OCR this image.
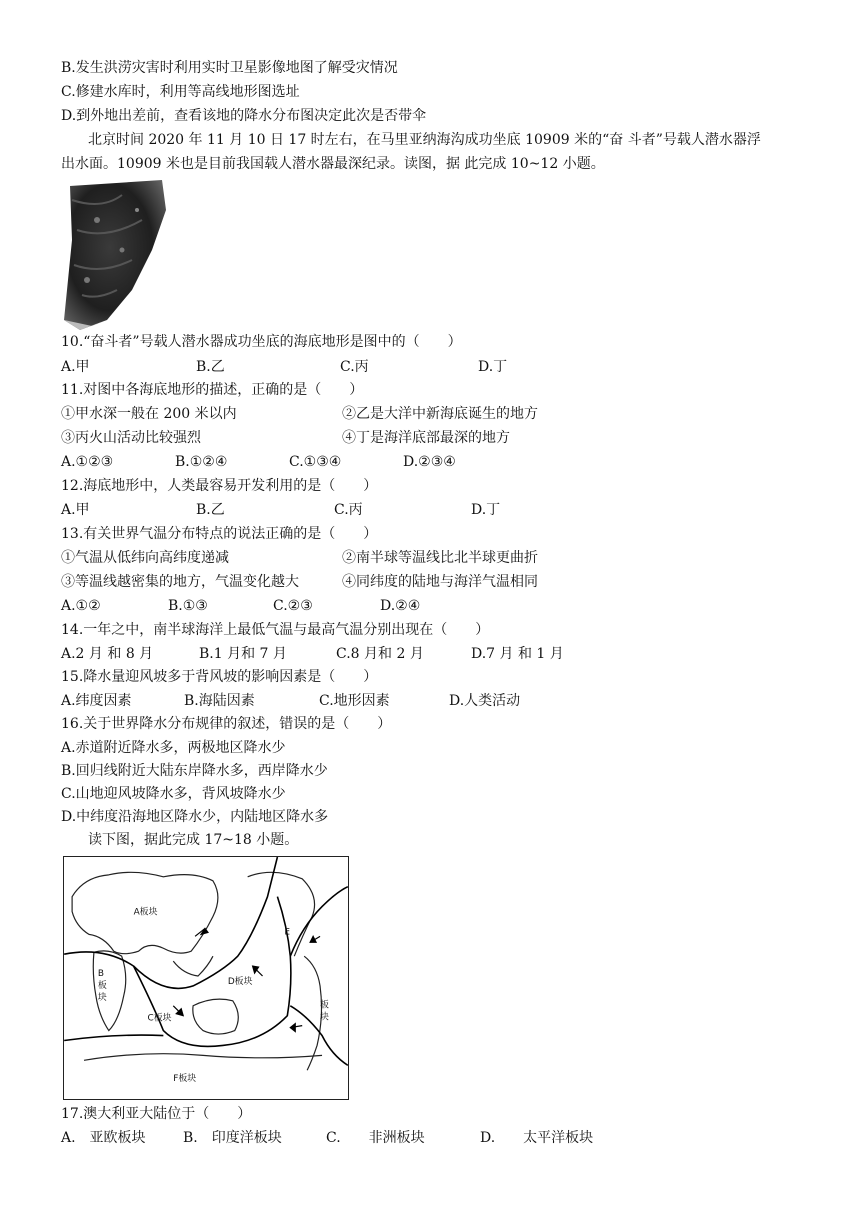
B.发生洪涝灾害时利用实时卫星影像地图了解受灾情况
C.修建水库时，利用等高线地形图选址
D.到外地出差前，查看该地的降水分布图决定此次是否带伞
北京时间 2020 年 11 月 10 日 17 时左右，在马里亚纳海沟成功坐底 10909 米的“奋 斗者”号载人潜水器浮
出水面。10909 米也是目前我国载人潜水器最深纪录。读图，据 此完成 10~12 小题。
10.“奋斗者”号载人潜水器成功坐底的海底地形是图中的（　　）
A.甲	B.乙	C.丙	D.丁
11.对图中各海底地形的描述，正确的是（　　）
①甲水深一般在 200 米以内	②乙是大洋中新海底诞生的地方
③丙火山活动比较强烈	④丁是海洋底部最深的地方
A.①②③	B.①②④	C.①③④	D.②③④
12.海底地形中，人类最容易开发利用的是（　　）
A.甲	B.乙	C.丙	D.丁
13.有关世界气温分布特点的说法正确的是（　　）
①气温从低纬向高纬度递减	②南半球等温线比北半球更曲折
③等温线越密集的地方，气温变化越大	④同纬度的陆地与海洋气温相同
A.①②	B.①③	C.②③	D.②④
14.一年之中，南半球海洋上最低气温与最高气温分别出现在（　　）
A.2 月 和 8 月	B.1 月和 7 月	C.8 月和 2 月	D.7 月 和 1 月
15.降水量迎风坡多于背风坡的影响因素是（　　）
A.纬度因素	B.海陆因素	C.地形因素	D.人类活动
16.关于世界降水分布规律的叙述，错误的是（　　）
A.赤道附近降水多，两极地区降水少
B.回归线附近大陆东岸降水多，西岸降水少
C.山地迎风坡降水多，背风坡降水少
D.中纬度沿海地区降水少，内陆地区降水多
读下图，据此完成 17~18 小题。
A板块
B
板
块
C板块
D板块
E
F板块
板
块
17.澳大利亚大陆位于（　　）
A.　亚欧板块	B.　印度洋板块	C.　　非洲板块	D.　　太平洋板块
